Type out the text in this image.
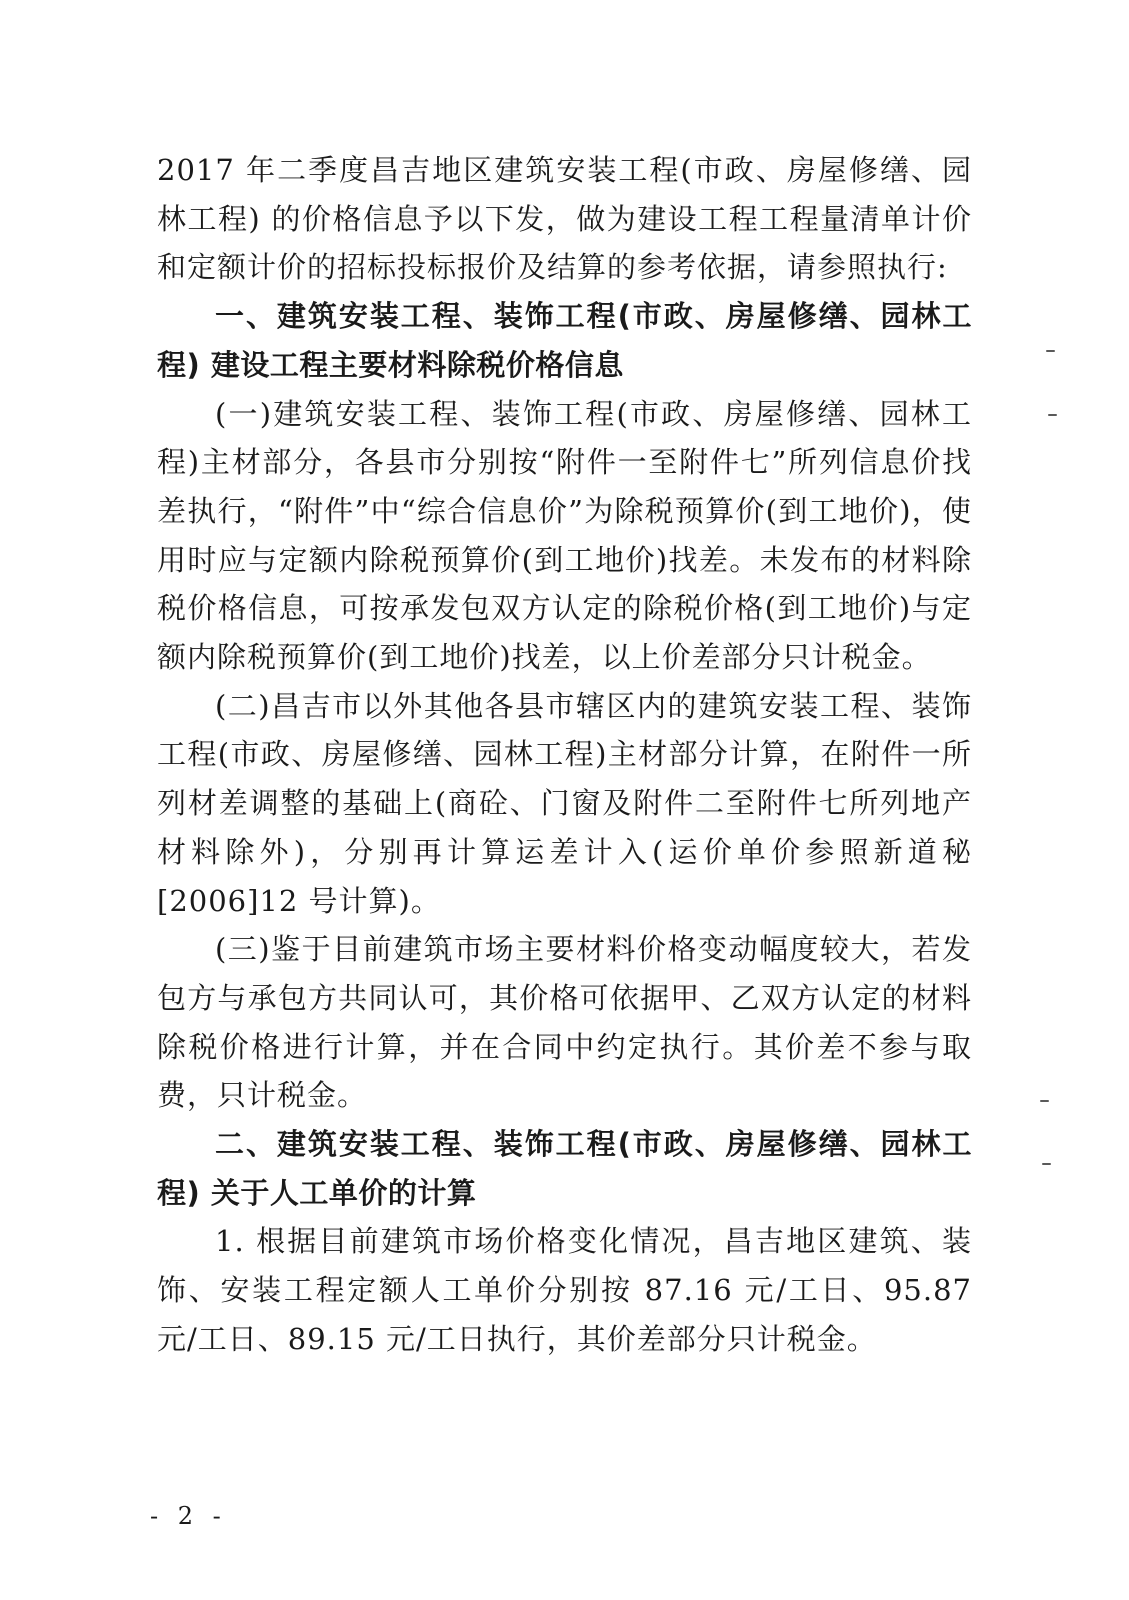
2017 年二季度昌吉地区建筑安装工程(市政、房屋修缮、园林工程) 的价格信息予以下发，做为建设工程工程量清单计价和定额计价的招标投标报价及结算的参考依据，请参照执行:

一、建筑安装工程、装饰工程(市政、房屋修缮、园林工程) 建设工程主要材料除税价格信息

(一)建筑安装工程、装饰工程(市政、房屋修缮、园林工程)主材部分，各县市分别按“附件一至附件七”所列信息价找差执行，“附件”中“综合信息价”为除税预算价(到工地价)，使用时应与定额内除税预算价(到工地价)找差。未发布的材料除税价格信息，可按承发包双方认定的除税价格(到工地价)与定额内除税预算价(到工地价)找差，以上价差部分只计税金。

(二)昌吉市以外其他各县市辖区内的建筑安装工程、装饰工程(市政、房屋修缮、园林工程)主材部分计算，在附件一所列材差调整的基础上(商砼、门窗及附件二至附件七所列地产材料除外)，分别再计算运差计入(运价单价参照新道秘[2006]12 号计算)。

(三)鉴于目前建筑市场主要材料价格变动幅度较大，若发包方与承包方共同认可，其价格可依据甲、乙双方认定的材料除税价格进行计算，并在合同中约定执行。其价差不参与取费，只计税金。

二、建筑安装工程、装饰工程(市政、房屋修缮、园林工程) 关于人工单价的计算

1. 根据目前建筑市场价格变化情况，昌吉地区建筑、装饰、安装工程定额人工单价分别按 87.16 元/工日、95.87 元/工日、89.15 元/工日执行，其价差部分只计税金。

- 2 -
